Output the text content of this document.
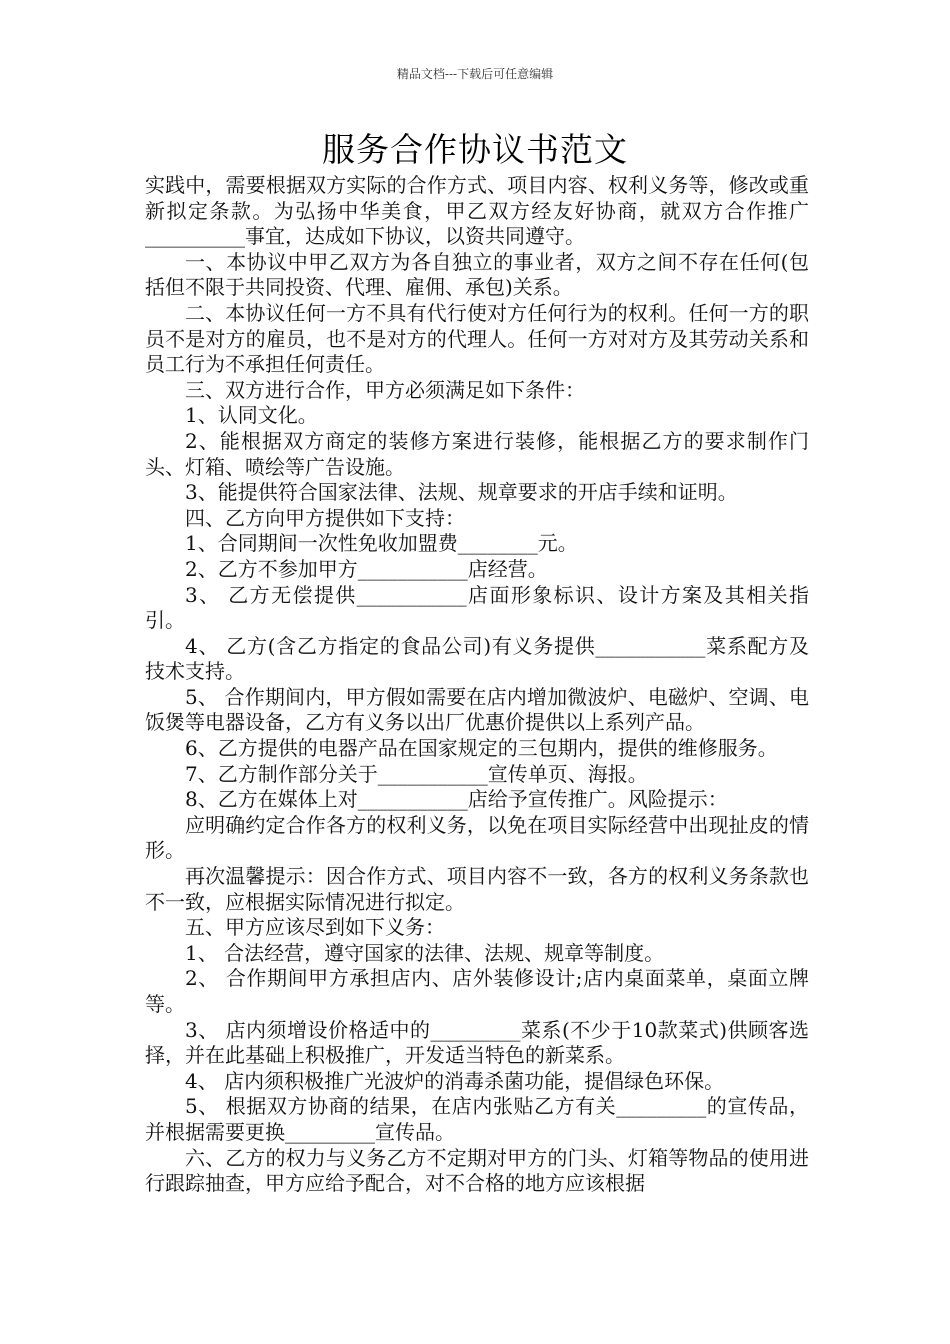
精品文档---下载后可任意编辑
服务合作协议书范文

实践中，需要根据双方实际的合作方式、项目内容、权利义务等，修改或重新拟定条款。为弘扬中华美食，甲乙双方经友好协商，就双方合作推广__________事宜，达成如下协议，以资共同遵守。

一、本协议中甲乙双方为各自独立的事业者，双方之间不存在任何(包括但不限于共同投资、代理、雇佣、承包)关系。

二、本协议任何一方不具有代行使对方任何行为的权利。任何一方的职员不是对方的雇员，也不是对方的代理人。任何一方对对方及其劳动关系和员工行为不承担任何责任。

三、双方进行合作，甲方必须满足如下条件：

1、认同文化。

2、能根据双方商定的装修方案进行装修，能根据乙方的要求制作门头、灯箱、喷绘等广告设施。

3、能提供符合国家法律、法规、规章要求的开店手续和证明。

四、乙方向甲方提供如下支持：

1、合同期间一次性免收加盟费________元。

2、乙方不参加甲方___________店经营。

3、 乙方无偿提供___________店面形象标识、设计方案及其相关指引。

4、 乙方(含乙方指定的食品公司)有义务提供___________菜系配方及技术支持。

5、 合作期间内，甲方假如需要在店内增加微波炉、电磁炉、空调、电饭煲等电器设备，乙方有义务以出厂优惠价提供以上系列产品。

6、乙方提供的电器产品在国家规定的三包期内，提供的维修服务。

7、乙方制作部分关于___________宣传单页、海报。

8、乙方在媒体上对___________店给予宣传推广。风险提示：

应明确约定合作各方的权利义务，以免在项目实际经营中出现扯皮的情形。

再次温馨提示：因合作方式、项目内容不一致，各方的权利义务条款也不一致，应根据实际情况进行拟定。

五、甲方应该尽到如下义务：

1、 合法经营，遵守国家的法律、法规、规章等制度。

2、 合作期间甲方承担店内、店外装修设计;店内桌面菜单，桌面立牌等。

3、 店内须增设价格适中的_________菜系(不少于10款菜式)供顾客选择，并在此基础上积极推广，开发适当特色的新菜系。

4、 店内须积极推广光波炉的消毒杀菌功能，提倡绿色环保。

5、 根据双方协商的结果，在店内张贴乙方有关_________的宣传品，并根据需要更换_________宣传品。

六、乙方的权力与义务乙方不定期对甲方的门头、灯箱等物品的使用进行跟踪抽查，甲方应给予配合，对不合格的地方应该根据
